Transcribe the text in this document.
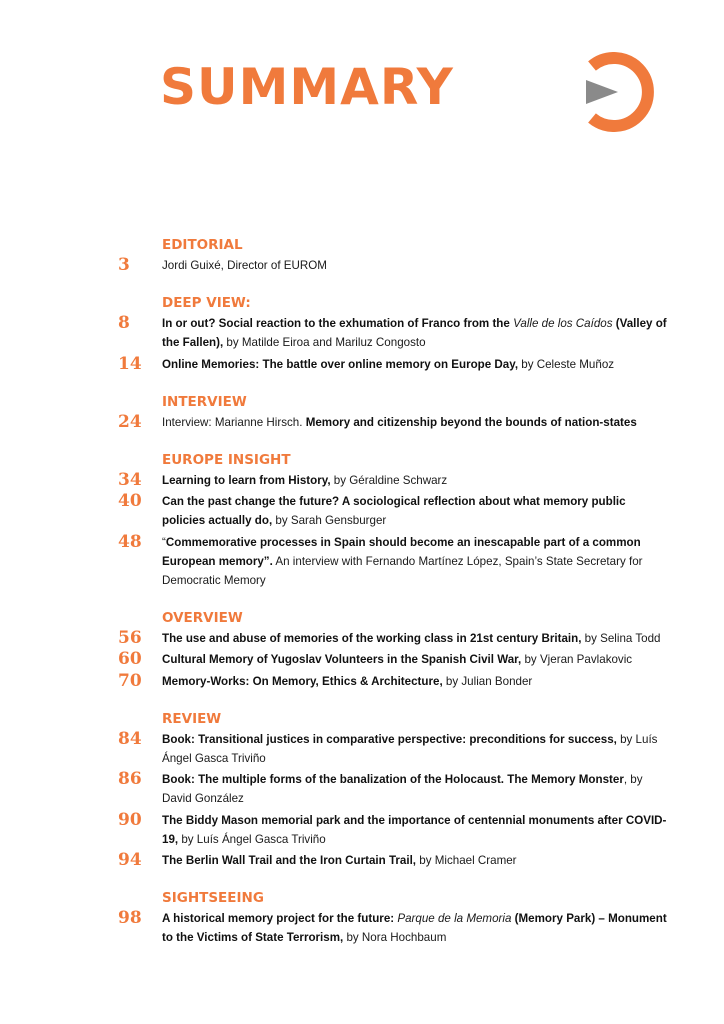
SUMMARY
EDITORIAL
3	Jordi Guixé, Director of EUROM
DEEP VIEW:
8	In or out? Social reaction to the exhumation of Franco from the Valle de los Caídos (Valley of the Fallen), by Matilde Eiroa and Mariluz Congosto
14 Online Memories: The battle over online memory on Europe Day, by Celeste Muñoz
INTERVIEW
24 Interview: Marianne Hirsch. Memory and citizenship beyond the bounds of nation-states
EUROPE INSIGHT
34 Learning to learn from History, by Géraldine Schwarz
40 Can the past change the future? A sociological reflection about what memory public policies actually do, by Sarah Gensburger
48 “Commemorative processes in Spain should become an inescapable part of a common European memory”. An interview with Fernando Martínez López, Spain’s State Secretary for Democratic Memory
OVERVIEW
56 The use and abuse of memories of the working class in 21st century Britain, by Selina Todd
60 Cultural Memory of Yugoslav Volunteers in the Spanish Civil War, by Vjeran Pavlakovic
70 Memory-Works: On Memory, Ethics & Architecture, by Julian Bonder
REVIEW
84 Book: Transitional justices in comparative perspective: preconditions for success, by Luís Ángel Gasca Triviño
86 Book: The multiple forms of the banalization of the Holocaust. The Memory Monster, by David González
90 The Biddy Mason memorial park and the importance of centennial monuments after COVID-19, by Luís Ángel Gasca Triviño
94 The Berlin Wall Trail and the Iron Curtain Trail, by Michael Cramer
SIGHTSEEING
98 A historical memory project for the future: Parque de la Memoria (Memory Park) – Monument to the Victims of State Terrorism, by Nora Hochbaum
